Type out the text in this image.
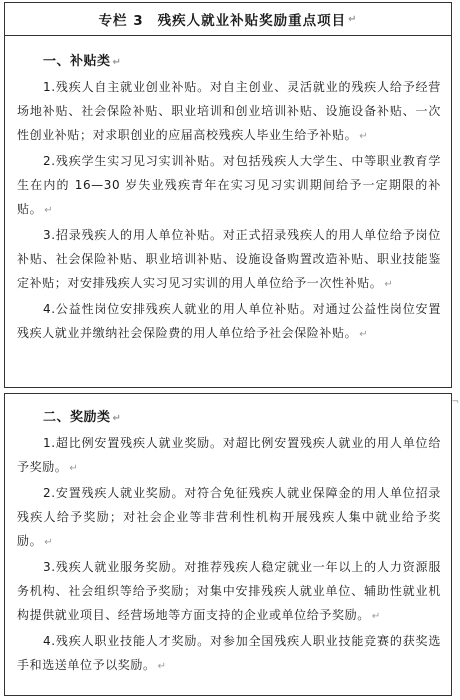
专栏 3 残疾人就业补贴奖励重点项目 ↵
一、补贴类 ↵

1.残疾人自主就业创业补贴。对自主创业、灵活就业的残疾人给予经营场地补贴、社会保险补贴、职业培训和创业培训补贴、设施设备补贴、一次性创业补贴；对求职创业的应届高校残疾人毕业生给予补贴。 ↵

2.残疾学生实习见习实训补贴。对包括残疾人大学生、中等职业教育学生在内的 16—30 岁失业残疾青年在实习见习实训期间给予一定期限的补贴。 ↵

3.招录残疾人的用人单位补贴。对正式招录残疾人的用人单位给予岗位补贴、社会保险补贴、职业培训补贴、设施设备购置改造补贴、职业技能鉴定补贴；对安排残疾人实习见习实训的用人单位给予一次性补贴。 ↵

4.公益性岗位安排残疾人就业的用人单位补贴。对通过公益性岗位安置残疾人就业并缴纳社会保险费的用人单位给予社会保险补贴。 ↵

¬
二、奖励类 ↵

1.超比例安置残疾人就业奖励。对超比例安置残疾人就业的用人单位给予奖励。 ↵

2.安置残疾人就业奖励。对符合免征残疾人就业保障金的用人单位招录残疾人给予奖励；对社会企业等非营利性机构开展残疾人集中就业给予奖励。 ↵

3.残疾人就业服务奖励。对推荐残疾人稳定就业一年以上的人力资源服务机构、社会组织等给予奖励；对集中安排残疾人就业单位、辅助性就业机构提供就业项目、经营场地等方面支持的企业或单位给予奖励。 ↵

4.残疾人职业技能人才奖励。对参加全国残疾人职业技能竞赛的获奖选手和选送单位予以奖励。 ↵
